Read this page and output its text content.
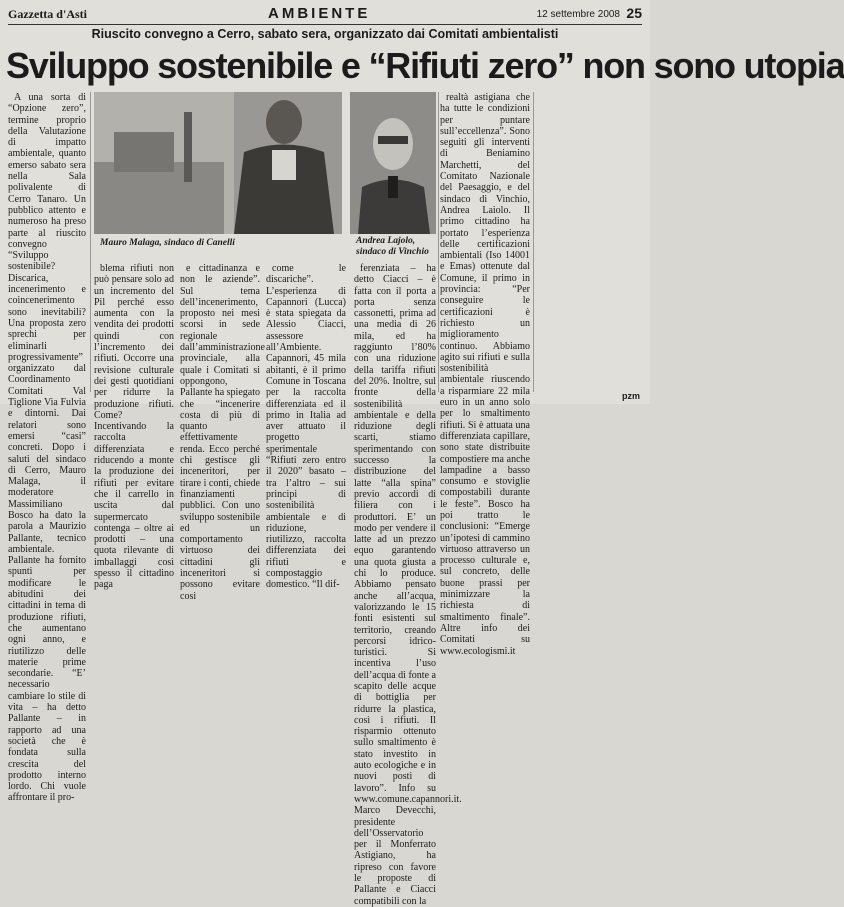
Gazzetta d'Asti	AMBIENTE	12 settembre 2008 25
Riuscito convegno a Cerro, sabato sera, organizzato dai Comitati ambientalisti
Sviluppo sostenibile e “Rifiuti zero” non sono utopia
Mauro Malaga, sindaco di Canelli	Andrea Lajolo, sindaco di Vinchio

A una sorta di “Opzione zero”, termine proprio della Valutazione di impatto ambientale, quanto emerso sabato sera nella Sala polivalente di Cerro Tanaro. Un pubblico attento e numeroso ha preso parte al riuscito convegno “Sviluppo sostenibile? Discarica, incenerimento e coincenerimento sono inevitabili? Una proposta zero sprechi per eliminarli progressivamente” organizzato dal Coordinamento Comitati Val Tiglione Via Fulvia e dintorni. Dai relatori sono emersi “casi” concreti. Dopo i saluti del sindaco di Cerro, Mauro Malaga, il moderatore Massimiliano Bosco ha dato la parola a Maurizio Pallante, tecnico ambientale. Pallante ha fornito spunti per modificare le abitudini dei cittadini in tema di produzione rifiuti, che aumentano ogni anno, e riutilizzo delle materie prime secondarie. “E’ necessario cambiare lo stile di vita – ha detto Pallante – in rapporto ad una società che è fondata sulla crescita del prodotto interno lordo. Chi vuole affrontare il pro-

blema rifiuti non può pensare solo ad un incremento del Pil perché esso aumenta con la vendita dei prodotti quindi con l’incremento dei rifiuti. Occorre una revisione culturale dei gesti quotidiani per ridurre la produzione rifiuti. Come? Incentivando la raccolta differenziata e riducendo a monte la produzione dei rifiuti per evitare che il carrello in uscita dal supermercato contenga – oltre ai prodotti – una quota rilevante di imballaggi così spesso il cittadino paga

e cittadinanza e non le aziende”. Sul tema dell’incenerimento, proposto nei mesi scorsi in sede regionale dall’amministrazione provinciale, alla quale i Comitati si oppongono, Pallante ha spiegato che “incenerire costa di più di quanto effettivamente renda. Ecco perché chi gestisce gli inceneritori, per tirare i conti, chiede finanziamenti pubblici. Con uno sviluppo sostenibile ed un comportamento virtuoso dei cittadini gli inceneritori si possono evitare così

come le discariche”. L’esperienza di Capannori (Lucca) è stata spiegata da Alessio Ciacci, assessore all’Ambiente. Capannori, 45 mila abitanti, è il primo Comune in Toscana per la raccolta differenziata ed il primo in Italia ad aver attuato il progetto sperimentale “Rifiuti zero entro il 2020” basato – tra l’altro – sui principi di sostenibilità ambientale e di riduzione, riutilizzo, raccolta differenziata dei rifiuti e compostaggio domestico. “Il dif-

ferenziata – ha detto Ciacci – è fatta con il porta a porta senza cassonetti, prima ad una media di 26 mila, ed ha raggiunto l’80% con una riduzione della tariffa rifiuti del 20%. Inoltre, sul fronte della sostenibilità ambientale e della riduzione degli scarti, stiamo sperimentando con successo la distribuzione del latte “alla spina” previo accordi di filiera con i produttori. E’ un modo per vendere il latte ad un prezzo equo garantendo una quota giusta a chi lo produce. Abbiamo pensato anche all’acqua, valorizzando le 15 fonti esistenti sul territorio, creando percorsi idrico-turistici. Si incentiva l’uso dell’acqua di fonte a scapito delle acque di bottiglia per ridurre la plastica, così i rifiuti. Il risparmio ottenuto sullo smaltimento è stato investito in auto ecologiche e in nuovi posti di lavoro”. Info su www.comune.capannori.it. Marco Devecchi, presidente dell’Osservatorio per il Monferrato Astigiano, ha ripreso con favore le proposte di Pallante e Ciacci compatibili con la

realtà astigiana che ha tutte le condizioni per puntare sull’eccellenza”. Sono seguiti gli interventi di Beniamino Marchetti, del Comitato Nazionale del Paesaggio, e del sindaco di Vinchio, Andrea Laiolo. Il primo cittadino ha portato l’esperienza delle certificazioni ambientali (Iso 14001 e Emas) ottenute dal Comune, il primo in provincia: “Per conseguire le certificazioni è richiesto un miglioramento continuo. Abbiamo agito sui rifiuti e sulla sostenibilità ambientale riuscendo a risparmiare 22 mila euro in un anno solo per lo smaltimento rifiuti. Si è attuata una differenziata capillare, sono state distribuite compostiere ma anche lampadine a basso consumo e stoviglie compostabili durante le feste”. Bosco ha poi tratto le conclusioni: “Emerge un’ipotesi di cammino virtuoso attraverso un processo culturale e, sul concreto, delle buone prassi per minimizzare la richiesta di smaltimento finale”. Altre info dei Comitati su www.ecologismi.it

pzm
